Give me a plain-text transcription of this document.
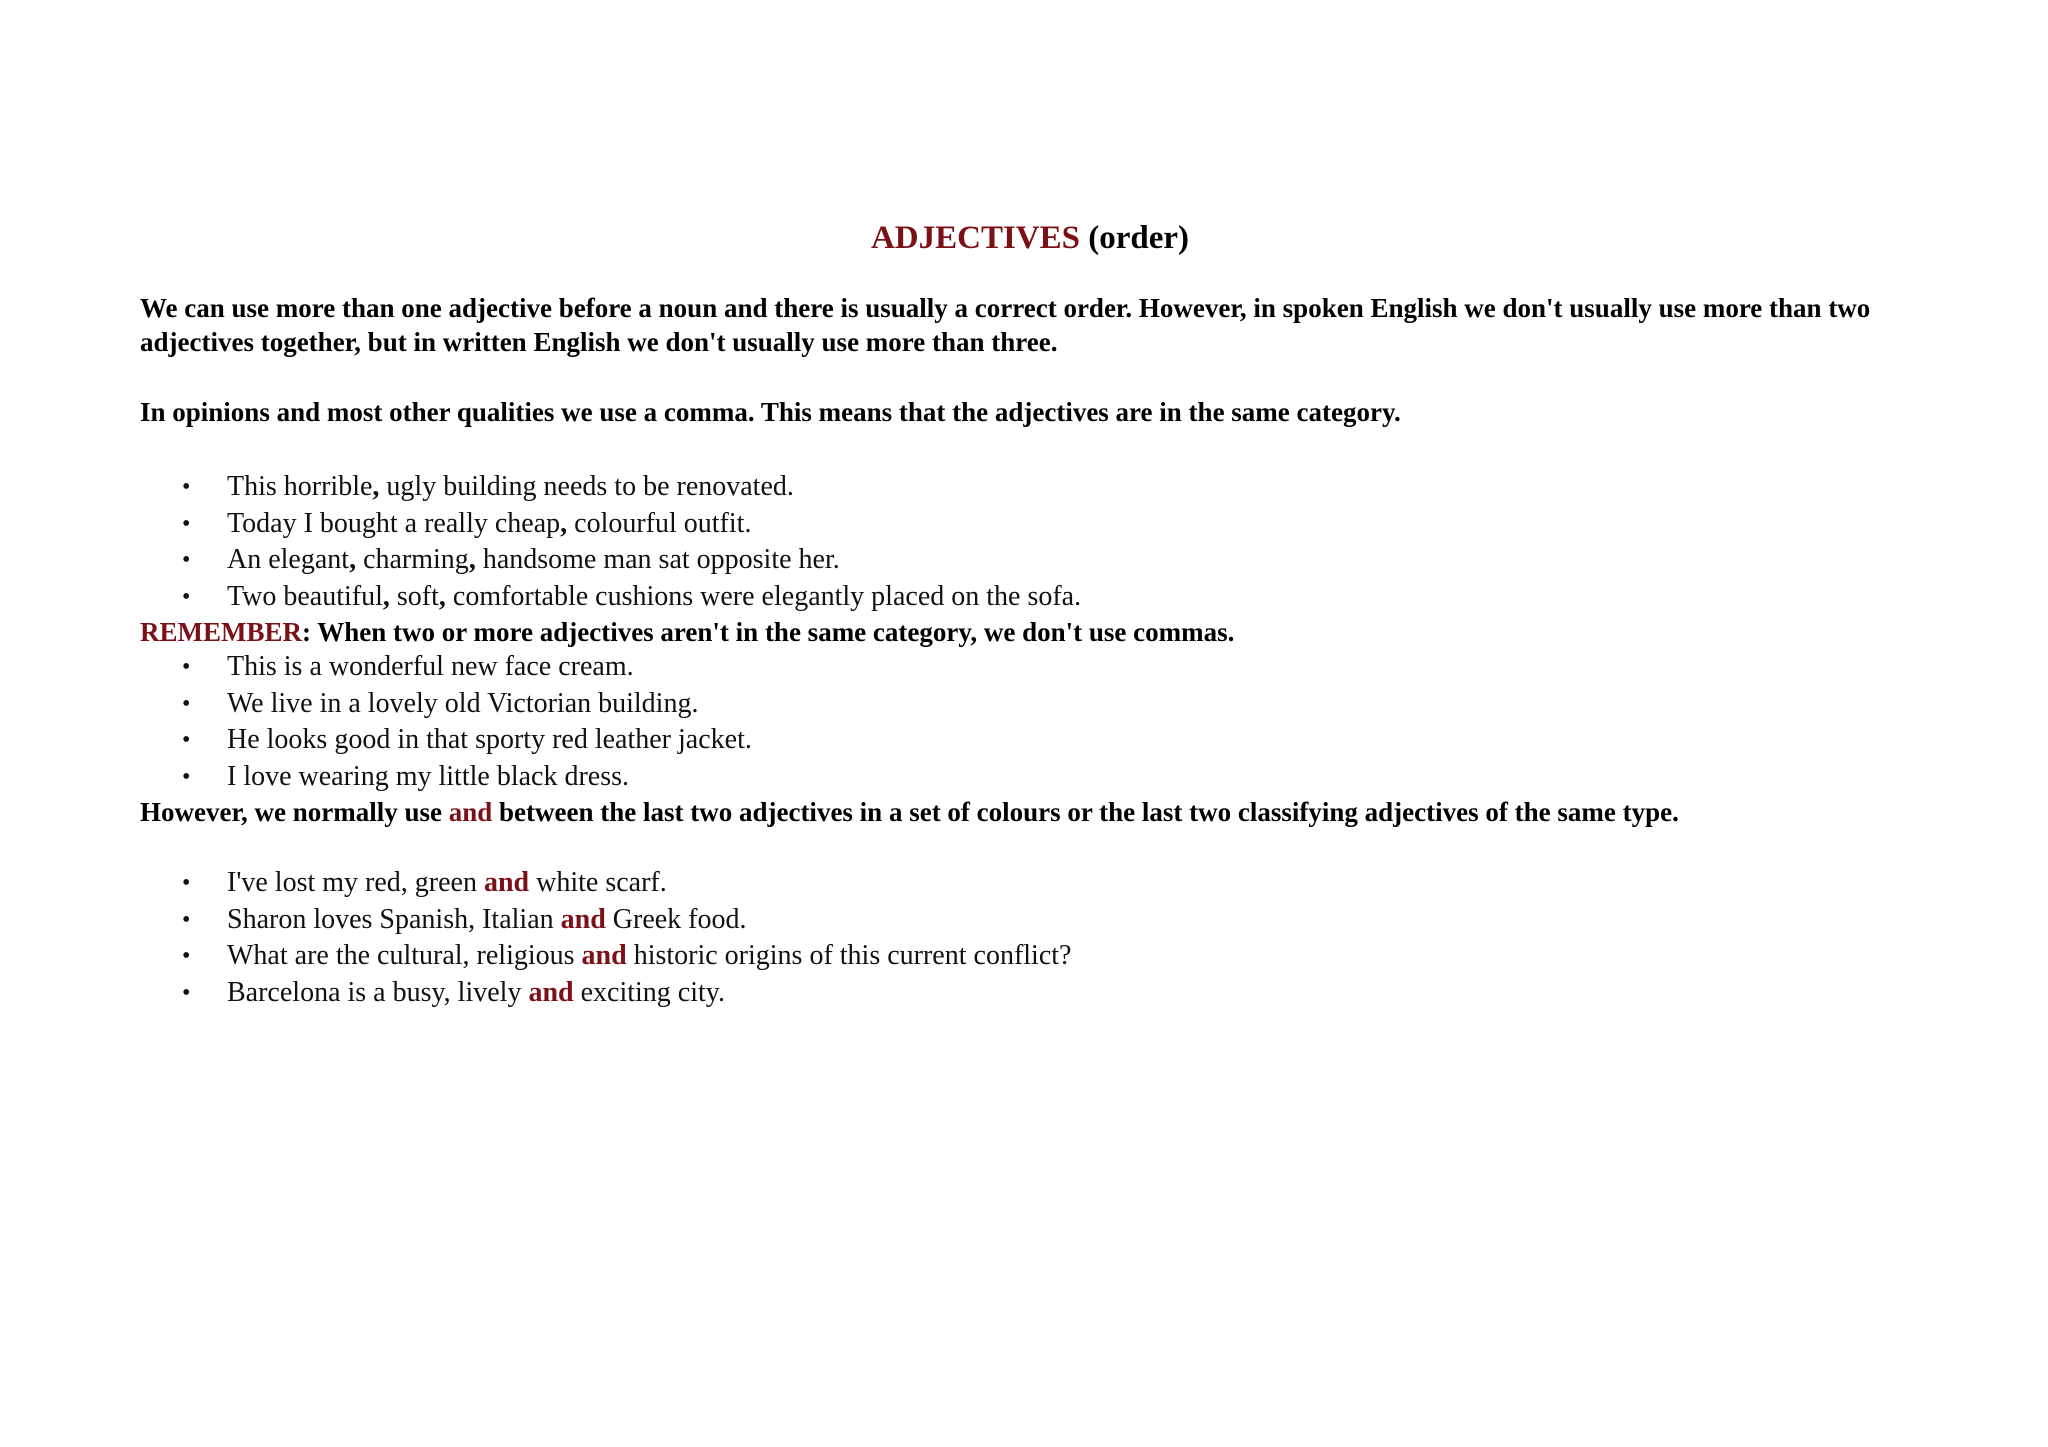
ADJECTIVES (order)

We can use more than one adjective before a noun and there is usually a correct order. However, in spoken English we don't usually use more than two adjectives together, but in written English we don't usually use more than three.

In opinions and most other qualities we use a comma. This means that the adjectives are in the same category.

• This horrible, ugly building needs to be renovated.
• Today I bought a really cheap, colourful outfit.
• An elegant, charming, handsome man sat opposite her.
• Two beautiful, soft, comfortable cushions were elegantly placed on the sofa.

REMEMBER: When two or more adjectives aren't in the same category, we don't use commas.

• This is a wonderful new face cream.
• We live in a lovely old Victorian building.
• He looks good in that sporty red leather jacket.
• I love wearing my little black dress.

However, we normally use and between the last two adjectives in a set of colours or the last two classifying adjectives of the same type.

• I've lost my red, green and white scarf.
• Sharon loves Spanish, Italian and Greek food.
• What are the cultural, religious and historic origins of this current conflict?
• Barcelona is a busy, lively and exciting city.
